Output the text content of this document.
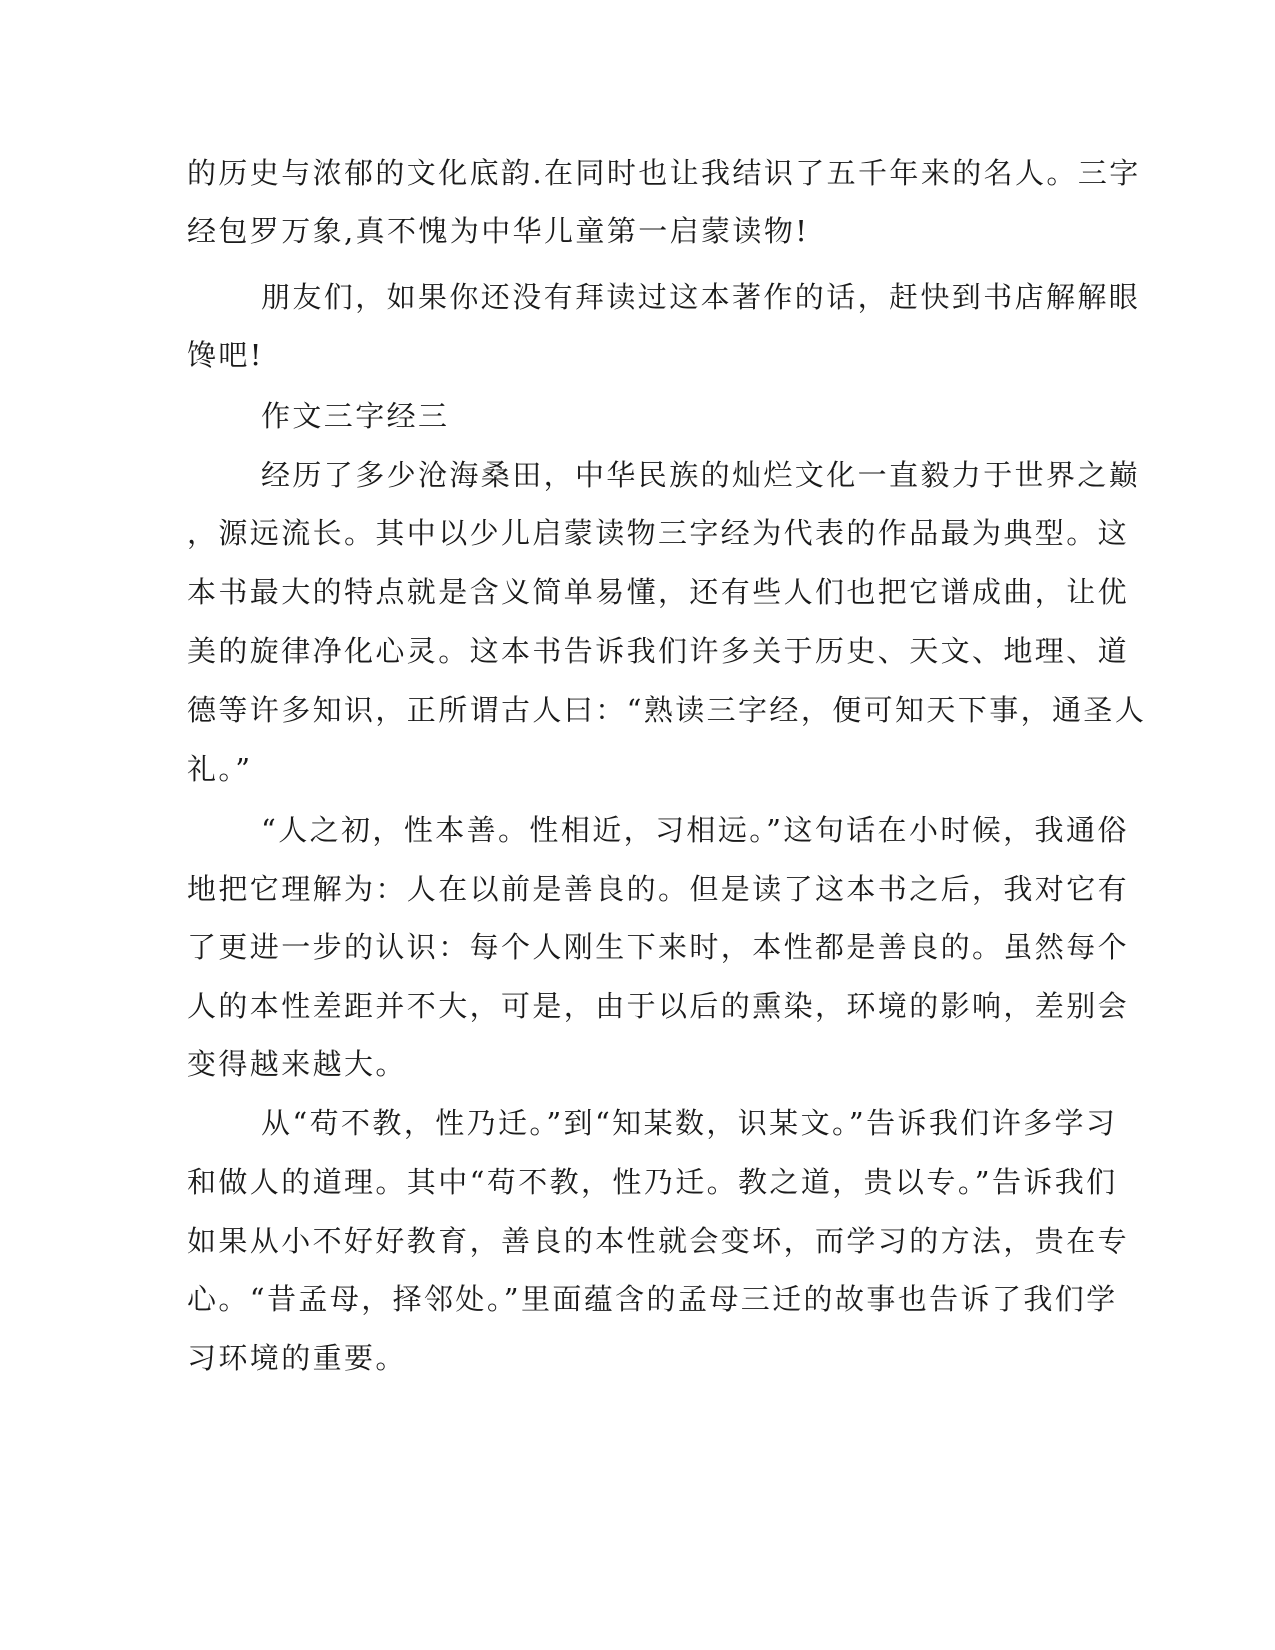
的历史与浓郁的文化底韵.在同时也让我结识了五千年来的名人。三字
经包罗万象,真不愧为中华儿童第一启蒙读物!
朋友们，如果你还没有拜读过这本著作的话，赶快到书店解解眼
馋吧!
作文三字经三
经历了多少沧海桑田，中华民族的灿烂文化一直毅力于世界之巅
，源远流长。其中以少儿启蒙读物三字经为代表的作品最为典型。这
本书最大的特点就是含义简单易懂，还有些人们也把它谱成曲，让优
美的旋律净化心灵。这本书告诉我们许多关于历史、天文、地理、道
德等许多知识，正所谓古人曰：“熟读三字经，便可知天下事，通圣人
礼。”
“人之初，性本善。性相近，习相远。”这句话在小时候，我通俗
地把它理解为：人在以前是善良的。但是读了这本书之后，我对它有
了更进一步的认识：每个人刚生下来时，本性都是善良的。虽然每个
人的本性差距并不大，可是，由于以后的熏染，环境的影响，差别会
变得越来越大。
从“苟不教，性乃迁。”到“知某数，识某文。”告诉我们许多学习
和做人的道理。其中“苟不教，性乃迁。教之道，贵以专。”告诉我们
如果从小不好好教育，善良的本性就会变坏，而学习的方法，贵在专
心。“昔孟母，择邻处。”里面蕴含的孟母三迁的故事也告诉了我们学
习环境的重要。
